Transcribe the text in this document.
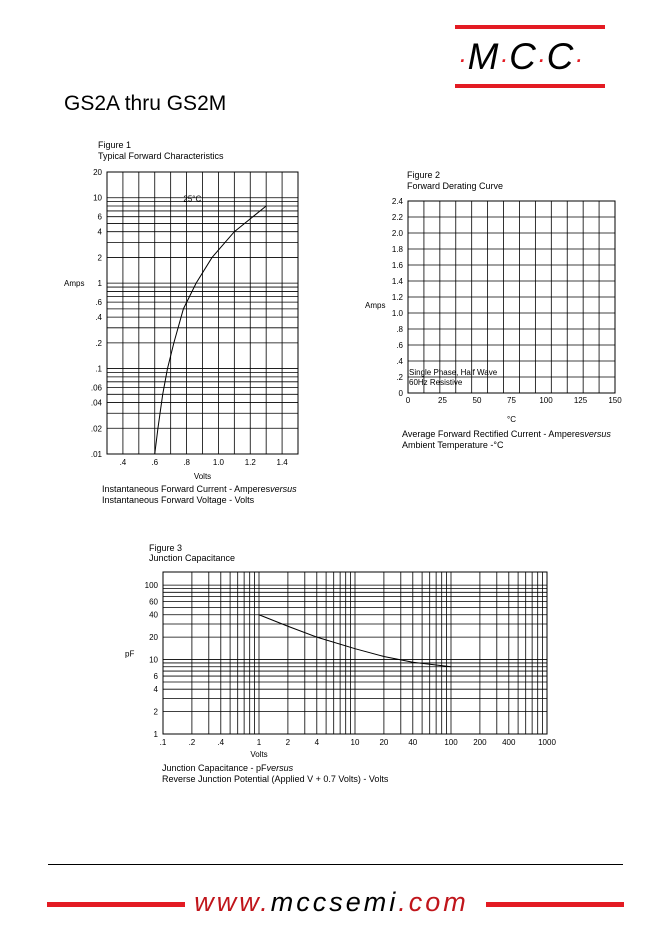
·M·C·C·
GS2A thru GS2M
Figure 1
Typical Forward Characteristics
20
10
6
4
2
1
.6
.4
.2
.1
.06
.04
.02
.01
.4	.6	.8	1.0	1.2	1.4
Volts
Amps
25°C
Instantaneous Forward Current - Amperesversus
Instantaneous Forward Voltage - Volts
Figure 2
Forward Derating Curve
2.4
2.2
2.0
1.8
1.6
1.4
1.2
1.0
.8
.6
.4
.2
0
0	25	50	75	100	125	150
°C
Amps
Single Phase, Half Wave
60Hz Resistive
Average Forward Rectified Current - Amperesversus
Ambient Temperature -°C
Figure 3
Junction Capacitance
100
60
40
20
10
6
4
2
1
.1	.2	.4	1	2	4	10 20 40	100 200 400	1000
Volts
pF
Junction Capacitance - pFversus
Reverse Junction Potential (Applied V + 0.7 Volts) - Volts
www.mccsemi.com
